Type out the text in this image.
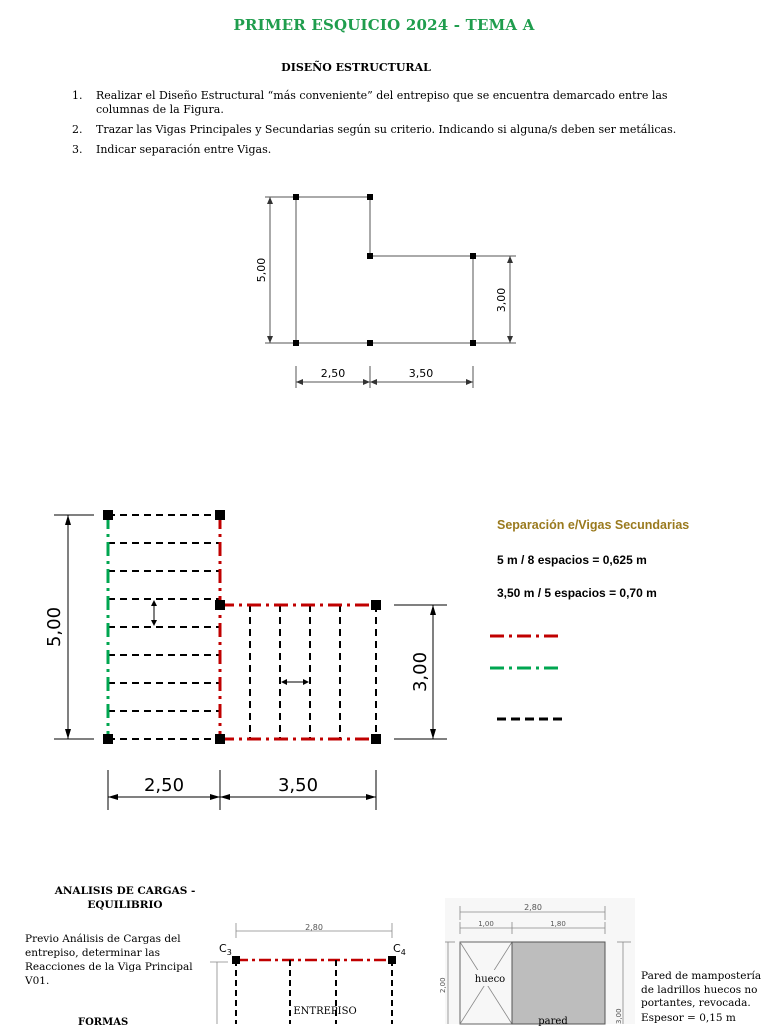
PRIMER ESQUICIO 2024 - TEMA A
DISEÑO ESTRUCTURAL
1. Realizar el Diseño Estructural “más conveniente” del entrepiso que se encuentra demarcado entre las columnas de la Figura.
2. Trazar las Vigas Principales y Secundarias según su criterio. Indicando si alguna/s deben ser metálicas.
3. Indicar separación entre Vigas.
5,00
3,00
2,50	3,50
5,00
3,00
2,50	3,50
Separación e/Vigas Secundarias
5 m / 8 espacios = 0,625 m
3,50 m / 5 espacios = 0,70 m
ANALISIS DE CARGAS -
EQUILIBRIO
Previo Análisis de Cargas del entrepiso, determinar las Reacciones de la Viga Principal V01.
FORMAS
2,80
$C_3$	$C_4$
ENTREPISO
2,80
1,00	1,80
2,00
3,00
hueco
pared
Pared de mampostería de ladrillos huecos no portantes, revocada.
Espesor = 0,15 m
